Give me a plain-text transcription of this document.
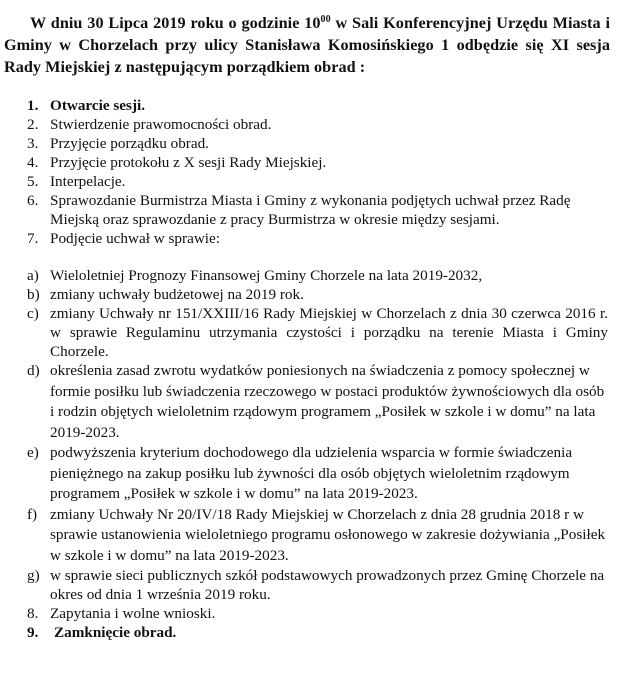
W dniu 30 Lipca 2019 roku o godzinie $10^{00}$ w Sali Konferencyjnej Urzędu Miasta i Gminy w Chorzelach przy ulicy Stanisława Komosińskiego 1 odbędzie się XI sesja Rady Miejskiej z następującym porządkiem obrad :
1. Otwarcie sesji.
2. Stwierdzenie prawomocności obrad.
3. Przyjęcie porządku obrad.
4. Przyjęcie protokołu z X sesji Rady Miejskiej.
5. Interpelacje.
6. Sprawozdanie Burmistrza Miasta i Gminy z wykonania podjętych uchwał przez Radę Miejską oraz sprawozdanie z pracy Burmistrza w okresie między sesjami.
7. Podjęcie uchwał w sprawie:
a) Wieloletniej Prognozy Finansowej Gminy Chorzele na lata 2019-2032,
b) zmiany uchwały budżetowej na 2019 rok.
c) zmiany Uchwały nr 151/XXIII/16 Rady Miejskiej w Chorzelach z dnia 30 czerwca 2016 r. w sprawie Regulaminu utrzymania czystości i porządku na terenie Miasta i Gminy Chorzele.
d) określenia zasad zwrotu wydatków poniesionych na świadczenia z pomocy społecznej w formie posiłku lub świadczenia rzeczowego w postaci produktów żywnościowych dla osób i rodzin objętych wieloletnim rządowym programem „Posiłek w szkole i w domu” na lata 2019-2023.
e) podwyższenia kryterium dochodowego dla udzielenia wsparcia w formie świadczenia pieniężnego na zakup posiłku lub żywności dla osób objętych wieloletnim rządowym programem „Posiłek w szkole i w domu” na lata 2019-2023.
f) zmiany Uchwały Nr 20/IV/18 Rady Miejskiej w Chorzelach z dnia 28 grudnia 2018 r w sprawie ustanowienia wieloletniego programu osłonowego w zakresie dożywiania „Posiłek w szkole i w domu” na lata 2019-2023.
g) w sprawie sieci publicznych szkół podstawowych prowadzonych przez Gminę Chorzele na okres od dnia 1 września 2019 roku.
8. Zapytania i wolne wnioski.
9. Zamknięcie obrad.
